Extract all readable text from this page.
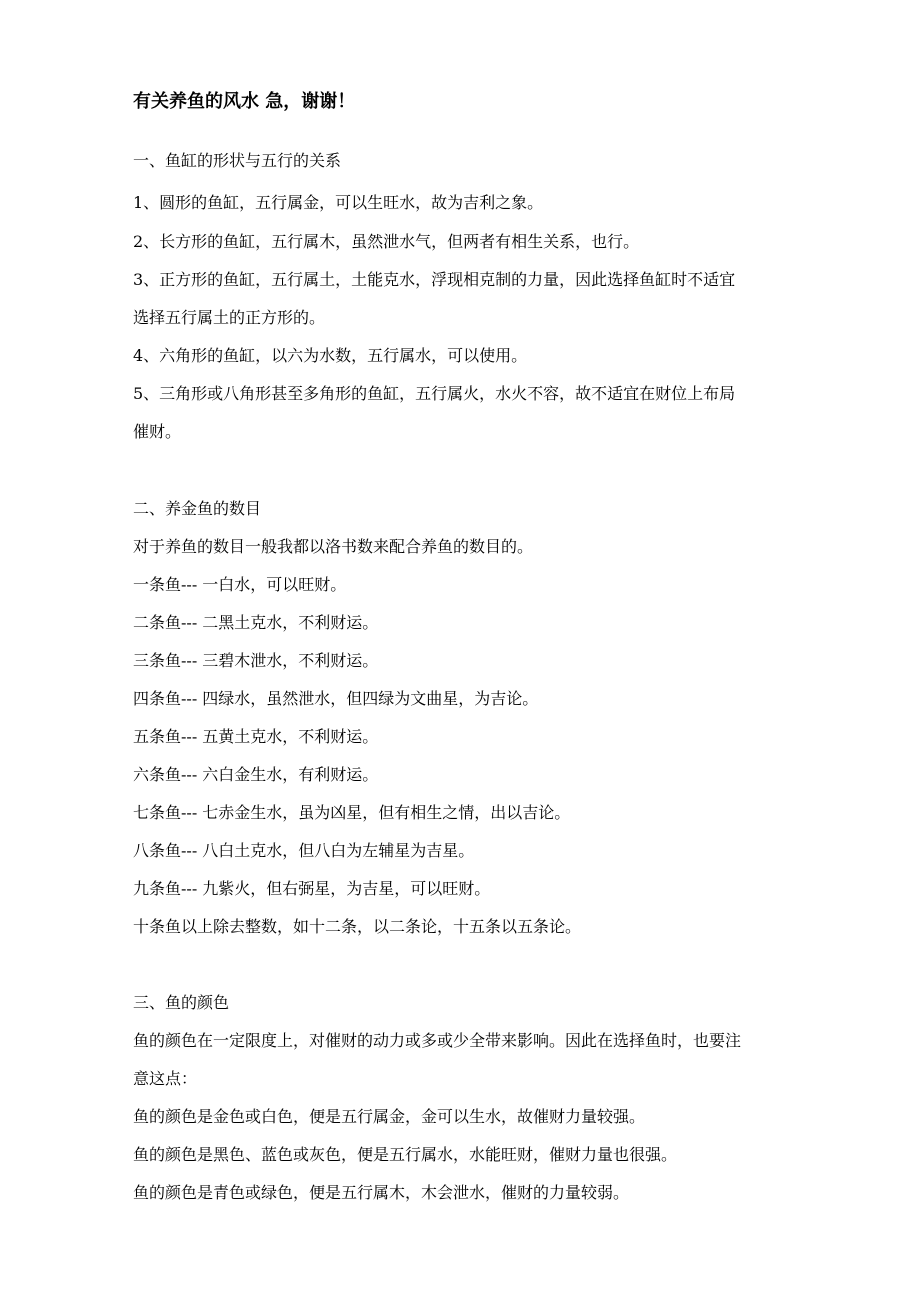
有关养鱼的风水 急，谢谢！
一、鱼缸的形状与五行的关系
1、圆形的鱼缸，五行属金，可以生旺水，故为吉利之象。
2、长方形的鱼缸，五行属木，虽然泄水气，但两者有相生关系，也行。
3、正方形的鱼缸，五行属土，土能克水，浮现相克制的力量，因此选择鱼缸时不适宜
选择五行属土的正方形的。
4、六角形的鱼缸，以六为水数，五行属水，可以使用。
5、三角形或八角形甚至多角形的鱼缸，五行属火，水火不容，故不适宜在财位上布局
催财。
二、养金鱼的数目
对于养鱼的数目一般我都以洛书数来配合养鱼的数目的。
一条鱼--- 一白水，可以旺财。
二条鱼--- 二黑土克水，不利财运。
三条鱼--- 三碧木泄水，不利财运。
四条鱼--- 四绿水，虽然泄水，但四绿为文曲星，为吉论。
五条鱼--- 五黄土克水，不利财运。
六条鱼--- 六白金生水，有利财运。
七条鱼--- 七赤金生水，虽为凶星，但有相生之情，出以吉论。
八条鱼--- 八白土克水，但八白为左辅星为吉星。
九条鱼--- 九紫火，但右弼星，为吉星，可以旺财。
十条鱼以上除去整数，如十二条，以二条论，十五条以五条论。
三、鱼的颜色
鱼的颜色在一定限度上，对催财的动力或多或少全带来影响。因此在选择鱼时，也要注
意这点：
鱼的颜色是金色或白色，便是五行属金，金可以生水，故催财力量较强。
鱼的颜色是黑色、蓝色或灰色，便是五行属水，水能旺财，催财力量也很强。
鱼的颜色是青色或绿色，便是五行属木，木会泄水，催财的力量较弱。
